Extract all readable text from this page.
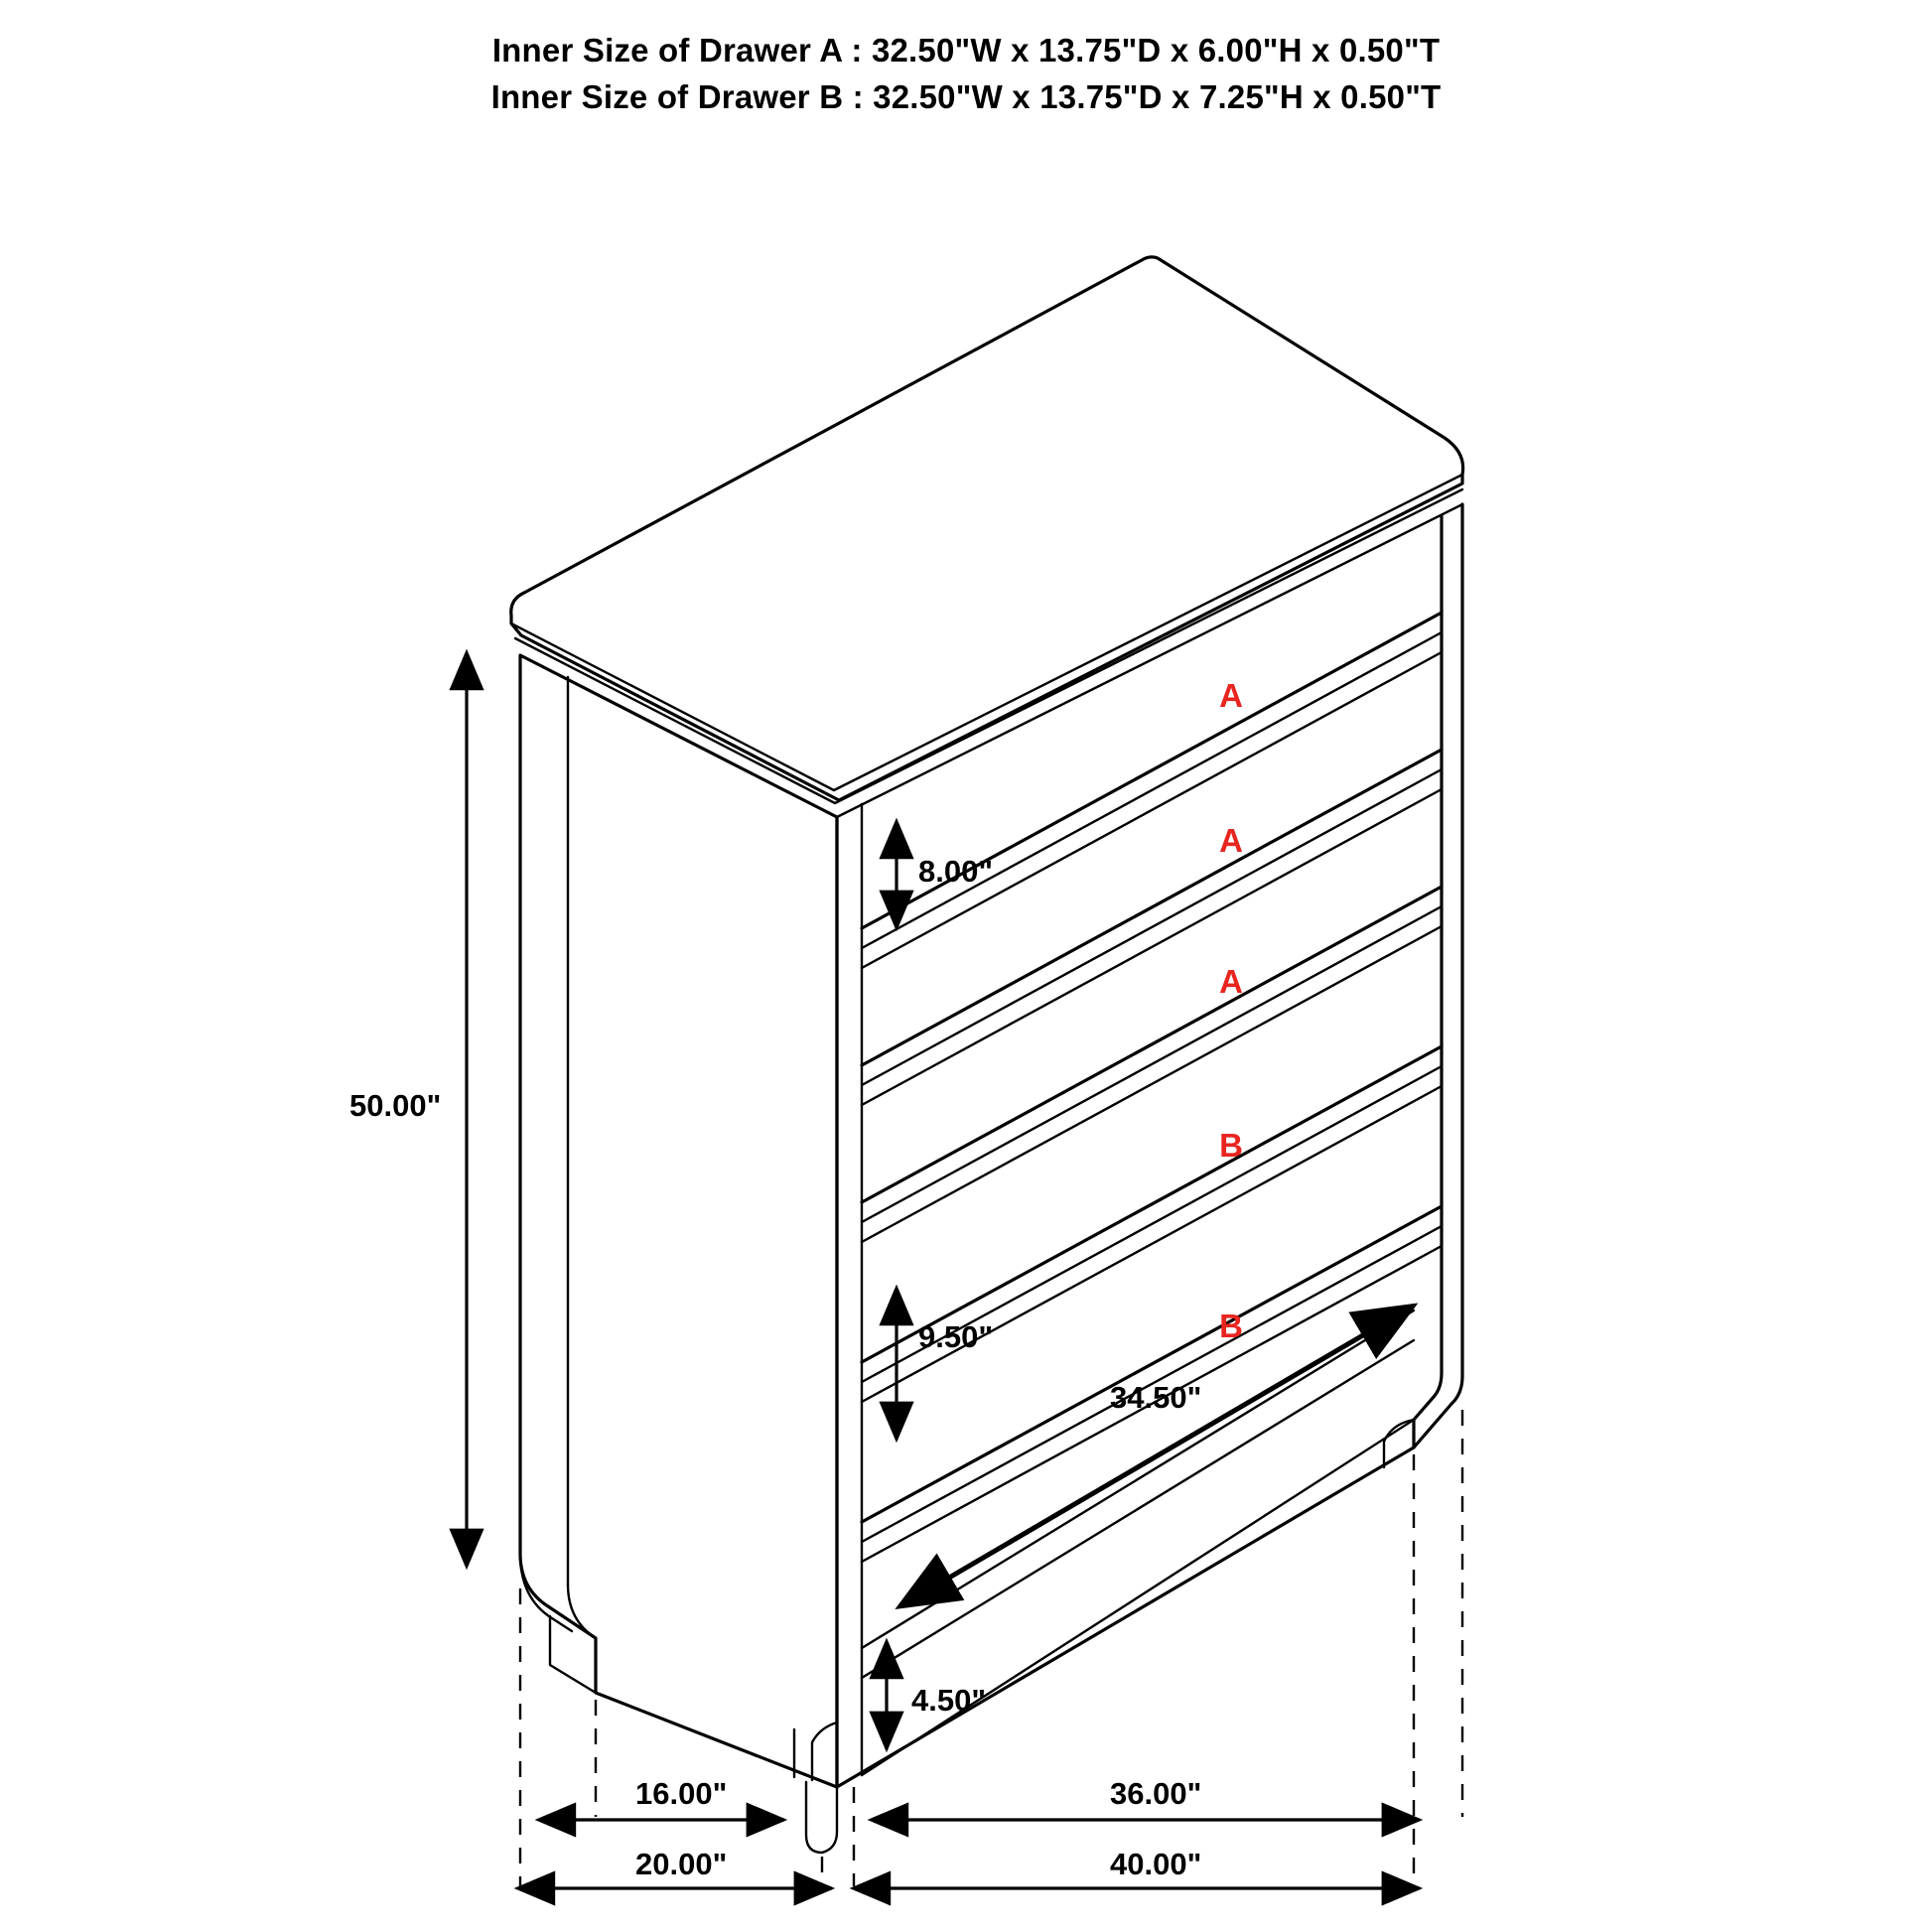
Inner Size of Drawer A : 32.50"W x 13.75"D x 6.00"H x 0.50"T
Inner Size of Drawer B : 32.50"W x 13.75"D x 7.25"H x 0.50"T
50.00"
8.00"
9.50"
4.50"
34.50"
16.00"	36.00"
20.00"	40.00"
A
A
A
B
B
